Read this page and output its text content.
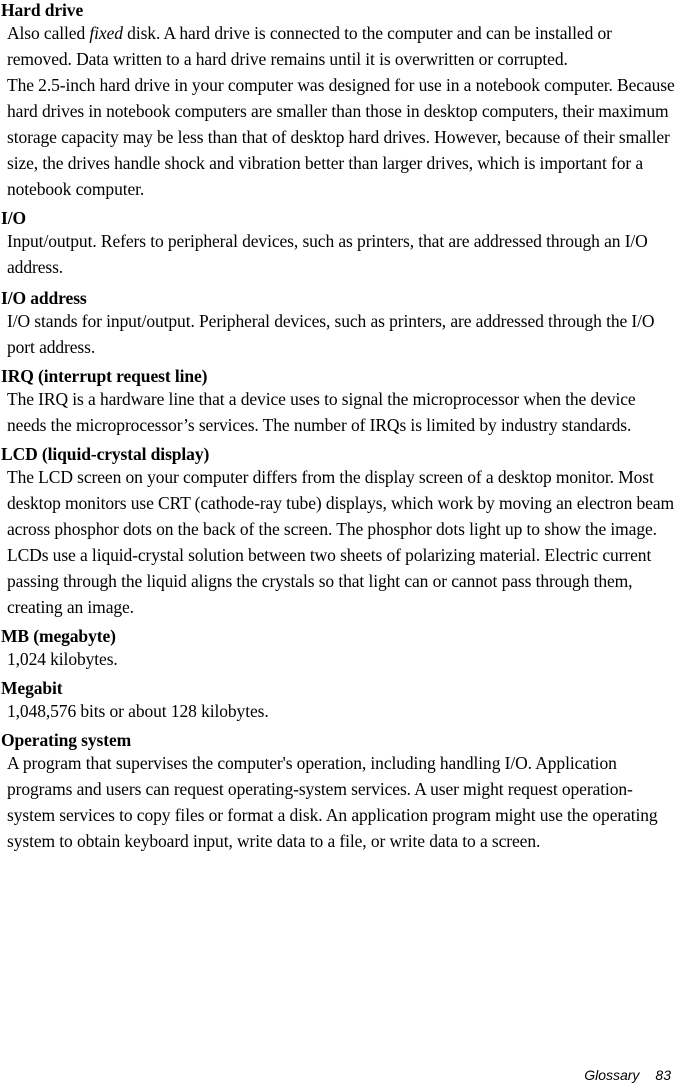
Hard drive

Also called fixed disk. A hard drive is connected to the computer and can be installed or removed. Data written to a hard drive remains until it is overwritten or corrupted.

The 2.5-inch hard drive in your computer was designed for use in a notebook computer. Because hard drives in notebook computers are smaller than those in desktop computers, their maximum storage capacity may be less than that of desktop hard drives. However, because of their smaller size, the drives handle shock and vibration better than larger drives, which is important for a notebook computer.

I/O

Input/output. Refers to peripheral devices, such as printers, that are addressed through an I/O address.

I/O address

I/O stands for input/output. Peripheral devices, such as printers, are addressed through the I/O port address.

IRQ (interrupt request line)

The IRQ is a hardware line that a device uses to signal the microprocessor when the device needs the microprocessor’s services. The number of IRQs is limited by industry standards.

LCD (liquid-crystal display)

The LCD screen on your computer differs from the display screen of a desktop monitor. Most desktop monitors use CRT (cathode-ray tube) displays, which work by moving an electron beam across phosphor dots on the back of the screen. The phosphor dots light up to show the image. LCDs use a liquid-crystal solution between two sheets of polarizing material. Electric current passing through the liquid aligns the crystals so that light can or cannot pass through them, creating an image.

MB (megabyte)

1,024 kilobytes.

Megabit

1,048,576 bits or about 128 kilobytes.

Operating system

A program that supervises the computer's operation, including handling I/O. Application programs and users can request operating-system services. A user might request operation-system services to copy files or format a disk. An application program might use the operating system to obtain keyboard input, write data to a file, or write data to a screen.

Glossary 83
